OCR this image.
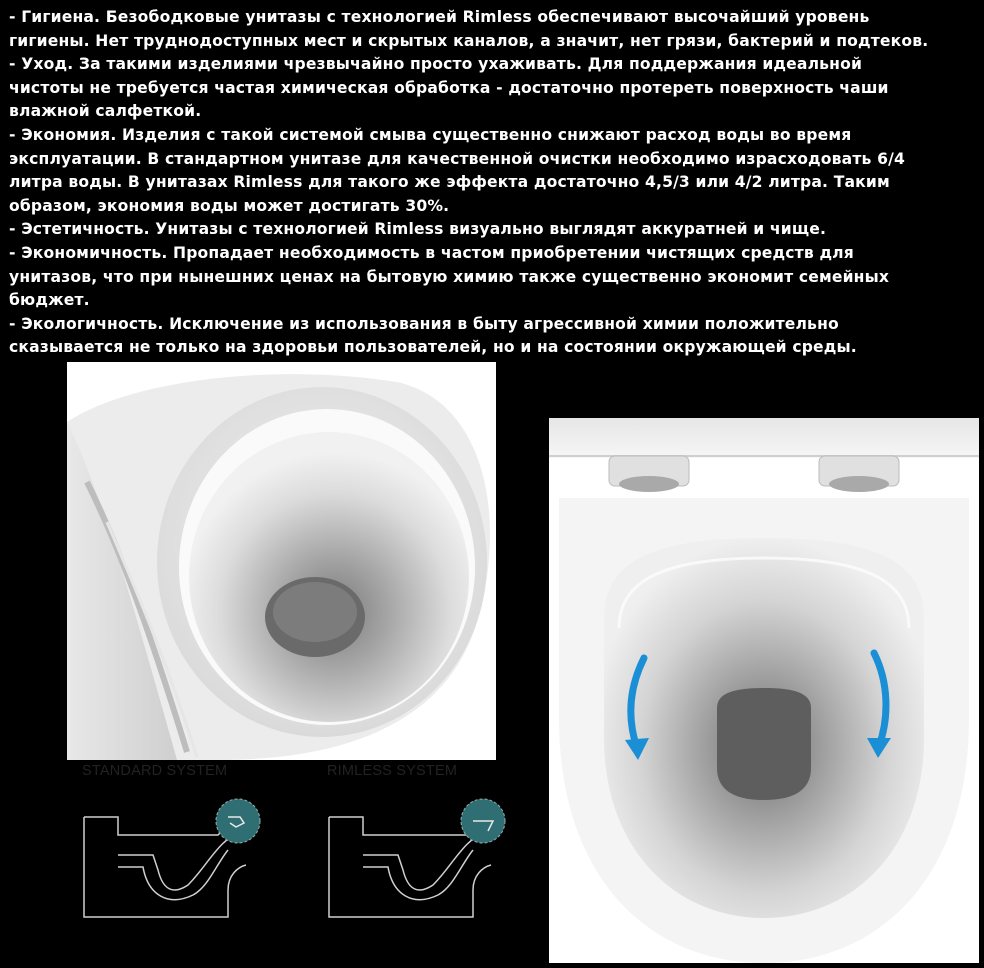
- Гигиена. Безободковые унитазы с технологией Rimless обеспечивают высочайший уровень
гигиены. Нет труднодоступных мест и скрытых каналов, а значит, нет грязи, бактерий и подтеков.
- Уход. За такими изделиями чрезвычайно просто ухаживать. Для поддержания идеальной
чистоты не требуется частая химическая обработка - достаточно протереть поверхность чаши
влажной салфеткой.
- Экономия. Изделия с такой системой смыва существенно снижают расход воды во время
эксплуатации. В стандартном унитазе для качественной очистки необходимо израсходовать 6/4
литра воды. В унитазах Rimless для такого же эффекта достаточно 4,5/3 или 4/2 литра. Таким
образом, экономия воды может достигать 30%.
- Эстетичность. Унитазы с технологией Rimless визуально выглядят аккуратней и чище.
- Экономичность. Пропадает необходимость в частом приобретении чистящих средств для
унитазов, что при нынешних ценах на бытовую химию также существенно экономит семейных
бюджет.
- Экологичность. Исключение из использования в быту агрессивной химии положительно
сказывается не только на здоровьи пользователей, но и на состоянии окружающей среды.
STANDARD SYSTEM	RIMLESS SYSTEM
